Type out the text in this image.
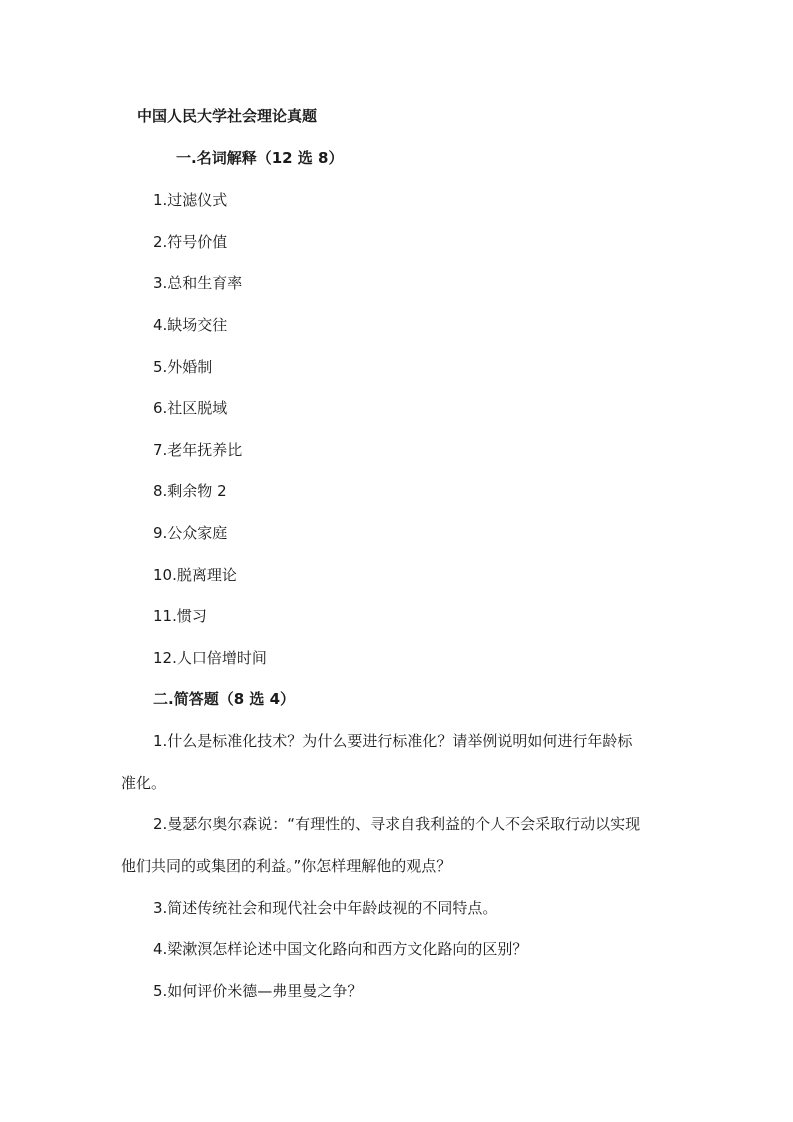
中国人民大学社会理论真题
一.名词解释（12 选 8）
1.过滤仪式
2.符号价值
3.总和生育率
4.缺场交往
5.外婚制
6.社区脱域
7.老年抚养比
8.剩余物 2
9.公众家庭
10.脱离理论
11.惯习
12.人口倍增时间
二.简答题（8 选 4）
1.什么是标准化技术？为什么要进行标准化？请举例说明如何进行年龄标
准化。
2.曼瑟尔奥尔森说：“有理性的、寻求自我利益的个人不会采取行动以实现
他们共同的或集团的利益。”你怎样理解他的观点？
3.简述传统社会和现代社会中年龄歧视的不同特点。
4.梁漱溟怎样论述中国文化路向和西方文化路向的区别？
5.如何评价米德—弗里曼之争？
